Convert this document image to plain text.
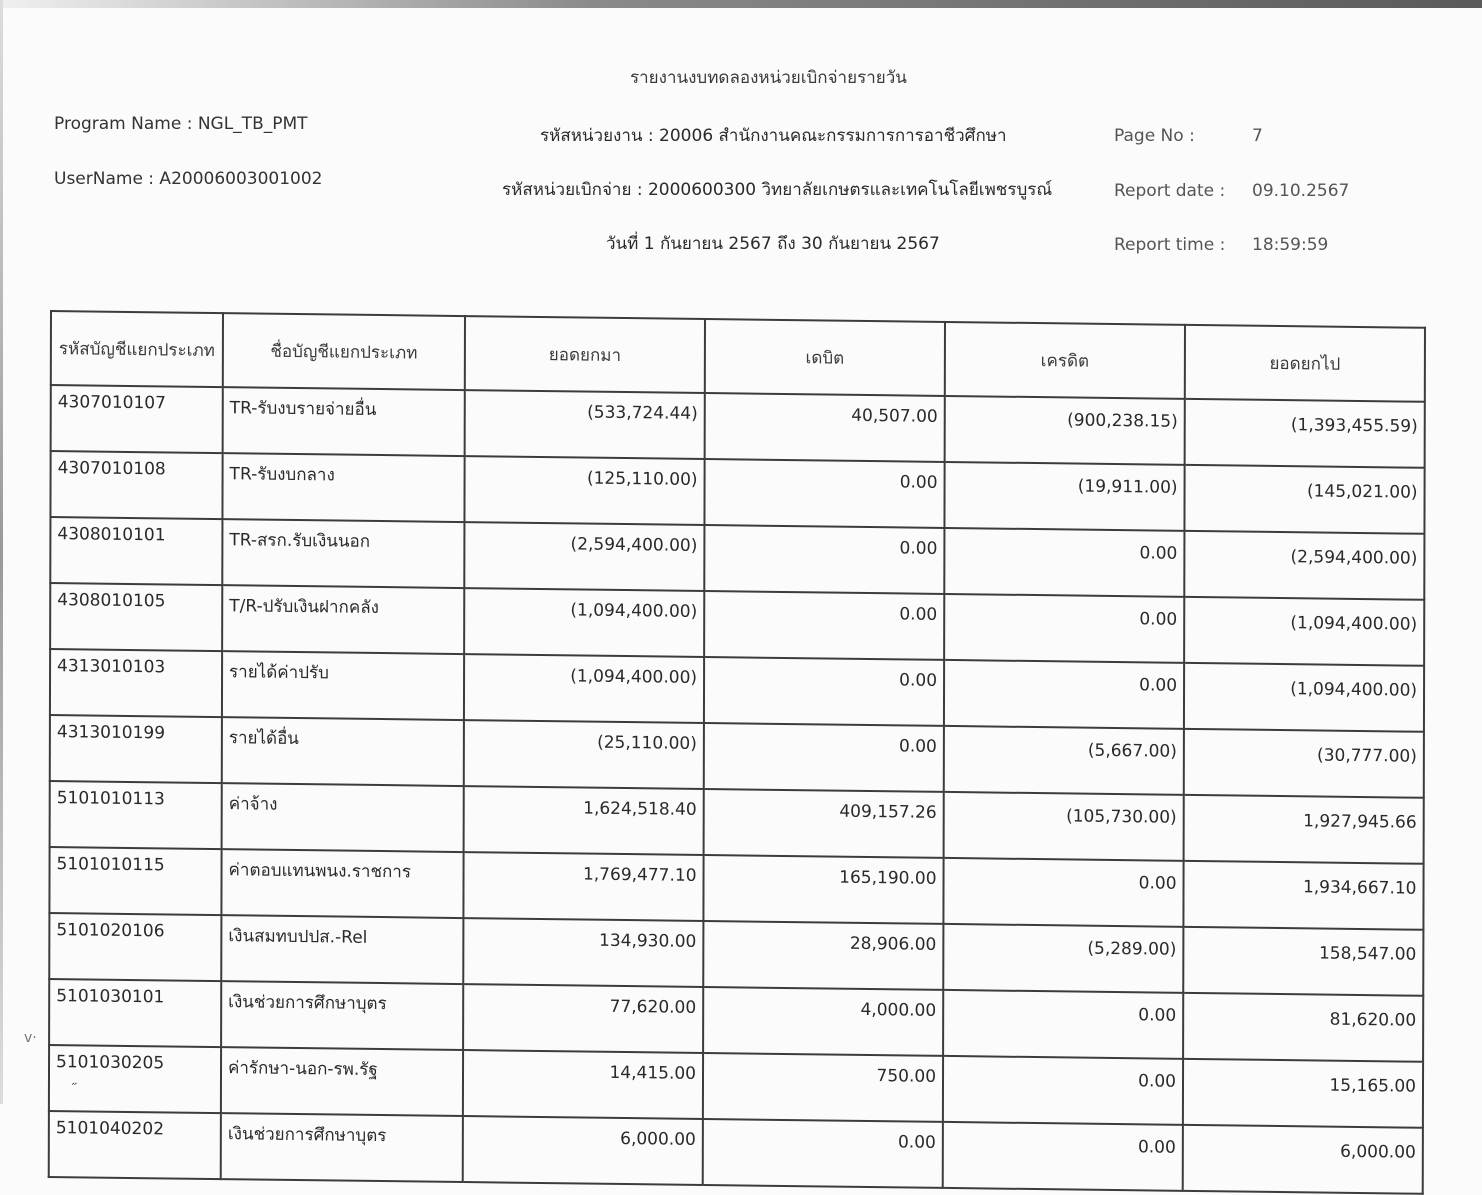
รายงานงบทดลองหน่วยเบิกจ่ายรายวัน
Program Name : NGL_TB_PMT
UserName : A20006003001002
รหัสหน่วยงาน : 20006 สำนักงานคณะกรรมการการอาชีวศึกษา
รหัสหน่วยเบิกจ่าย : 2000600300 วิทยาลัยเกษตรและเทคโนโลยีเพชรบูรณ์
วันที่ 1 กันยายน 2567 ถึง 30 กันยายน 2567
Page No :	7
Report date : 09.10.2567
Report time : 18:59:59
รหัสบัญชีแยกประเภท	ชื่อบัญชีแยกประเภท	ยอดยกมา	เดบิต	เครดิต	ยอดยกไป
4307010107	TR-รับงบรายจ่ายอื่น	(533,724.44)	40,507.00	(900,238.15)	(1,393,455.59)
4307010108	TR-รับงบกลาง	(125,110.00)	0.00	(19,911.00)	(145,021.00)
4308010101	TR-สรก.รับเงินนอก	(2,594,400.00)	0.00	0.00	(2,594,400.00)
4308010105	T/R-ปรับเงินฝากคลัง	(1,094,400.00)	0.00	0.00	(1,094,400.00)
4313010103	รายได้ค่าปรับ	(1,094,400.00)	0.00	0.00	(1,094,400.00)
4313010199	รายได้อื่น	(25,110.00)	0.00	(5,667.00)	(30,777.00)
5101010113	ค่าจ้าง	1,624,518.40	409,157.26	(105,730.00)	1,927,945.66
5101010115	ค่าตอบแทนพนง.ราชการ	1,769,477.10	165,190.00	0.00	1,934,667.10
5101020106	เงินสมทบปปส.-Rel	134,930.00	28,906.00	(5,289.00)	158,547.00
5101030101	เงินช่วยการศึกษาบุตร	77,620.00	4,000.00	0.00	81,620.00
5101030205	ค่ารักษา-นอก-รพ.รัฐ	14,415.00	750.00	0.00	15,165.00
5101040202	เงินช่วยการศึกษาบุตร	6,000.00	0.00	0.00	6,000.00
ⅴ·
˶
